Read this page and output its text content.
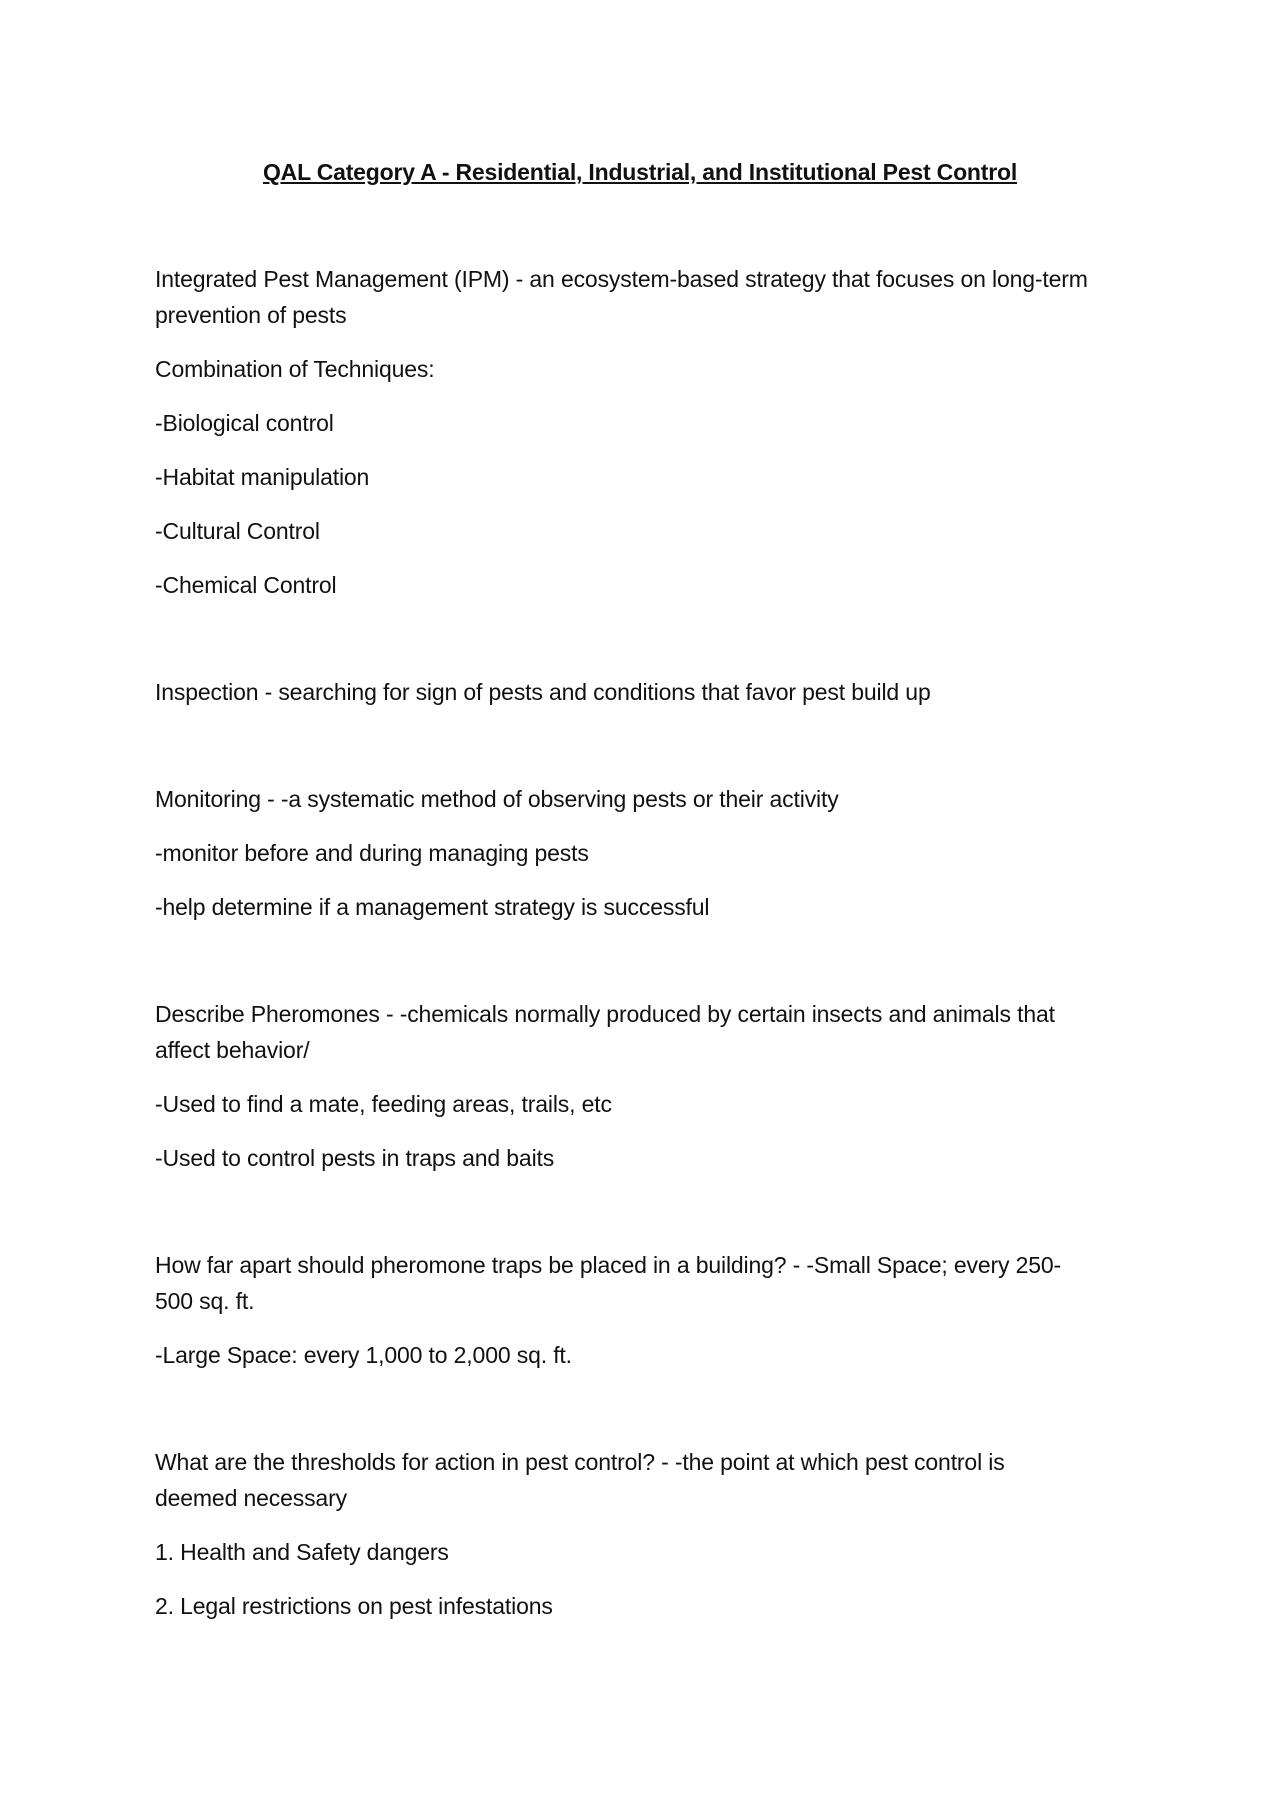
QAL Category A - Residential, Industrial, and Institutional Pest Control

Integrated Pest Management (IPM) - an ecosystem-based strategy that focuses on long-term

prevention of pests

Combination of Techniques:

-Biological control

-Habitat manipulation

-Cultural Control

-Chemical Control

Inspection - searching for sign of pests and conditions that favor pest build up

Monitoring - -a systematic method of observing pests or their activity

-monitor before and during managing pests

-help determine if a management strategy is successful

Describe Pheromones - -chemicals normally produced by certain insects and animals that

affect behavior/

-Used to find a mate, feeding areas, trails, etc

-Used to control pests in traps and baits

How far apart should pheromone traps be placed in a building? - -Small Space; every 250-

500 sq. ft.

-Large Space: every 1,000 to 2,000 sq. ft.

What are the thresholds for action in pest control? - -the point at which pest control is

deemed necessary

1. Health and Safety dangers

2. Legal restrictions on pest infestations
